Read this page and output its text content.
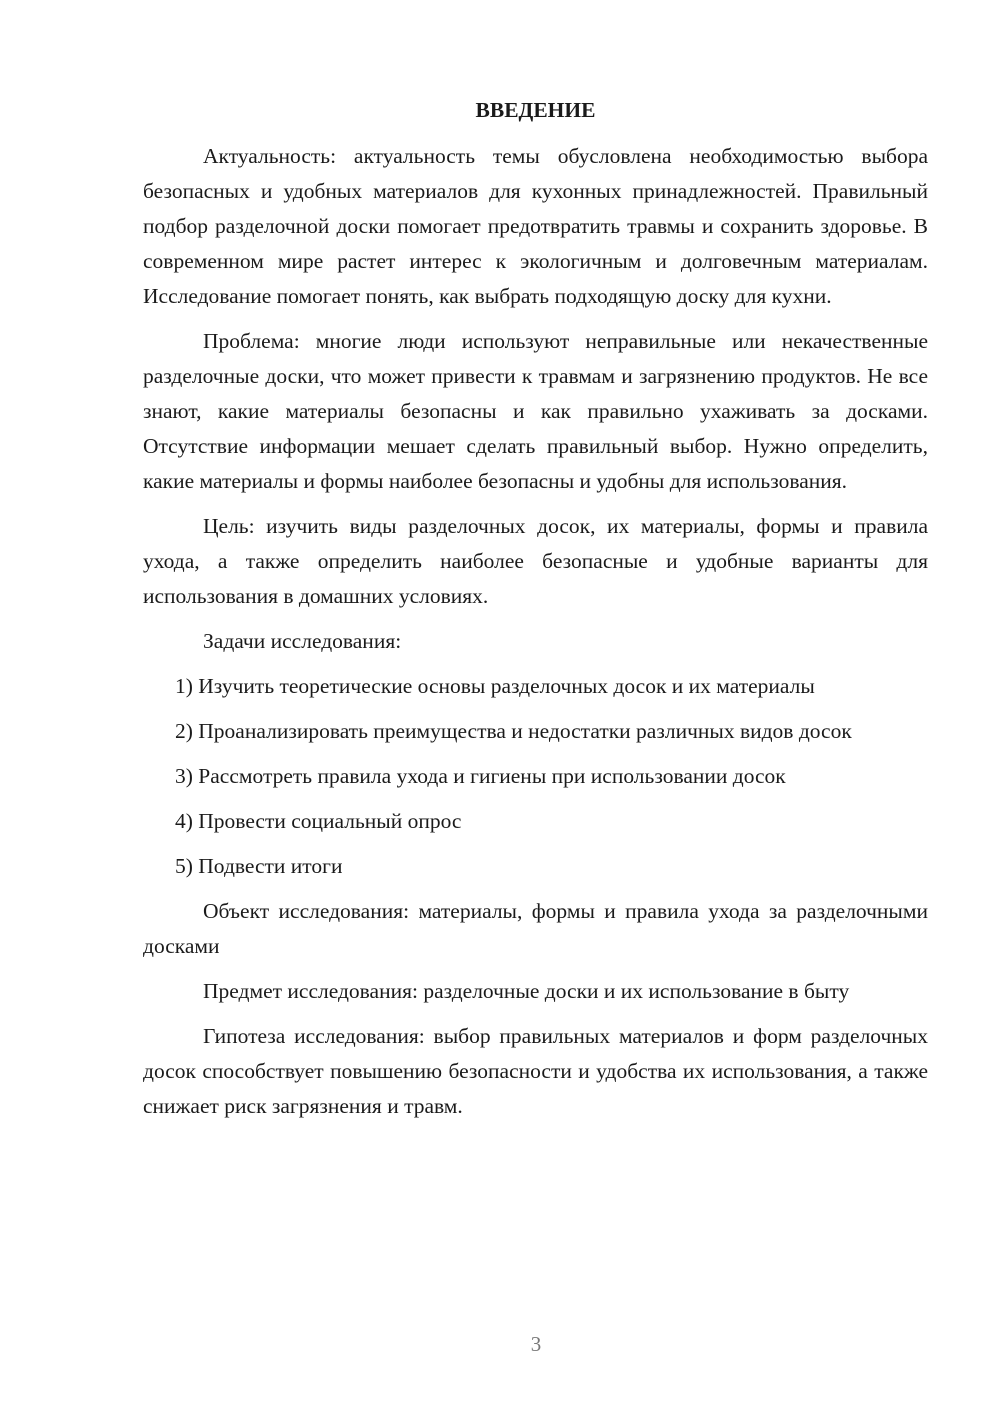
ВВЕДЕНИЕ

Актуальность: актуальность темы обусловлена необходимостью выбора безопасных и удобных материалов для кухонных принадлежностей. Правильный подбор разделочной доски помогает предотвратить травмы и сохранить здоровье. В современном мире растет интерес к экологичным и долговечным материалам. Исследование помогает понять, как выбрать подходящую доску для кухни.

Проблема: многие люди используют неправильные или некачественные разделочные доски, что может привести к травмам и загрязнению продуктов. Не все знают, какие материалы безопасны и как правильно ухаживать за досками. Отсутствие информации мешает сделать правильный выбор. Нужно определить, какие материалы и формы наиболее безопасны и удобны для использования.

Цель: изучить виды разделочных досок, их материалы, формы и правила ухода, а также определить наиболее безопасные и удобные варианты для использования в домашних условиях.

Задачи исследования:

1) Изучить теоретические основы разделочных досок и их материалы

2) Проанализировать преимущества и недостатки различных видов досок

3) Рассмотреть правила ухода и гигиены при использовании досок

4) Провести социальный опрос

5) Подвести итоги

Объект исследования: материалы, формы и правила ухода за разделочными досками

Предмет исследования: разделочные доски и их использование в быту

Гипотеза исследования: выбор правильных материалов и форм разделочных досок способствует повышению безопасности и удобства их использования, а также снижает риск загрязнения и травм.

3
